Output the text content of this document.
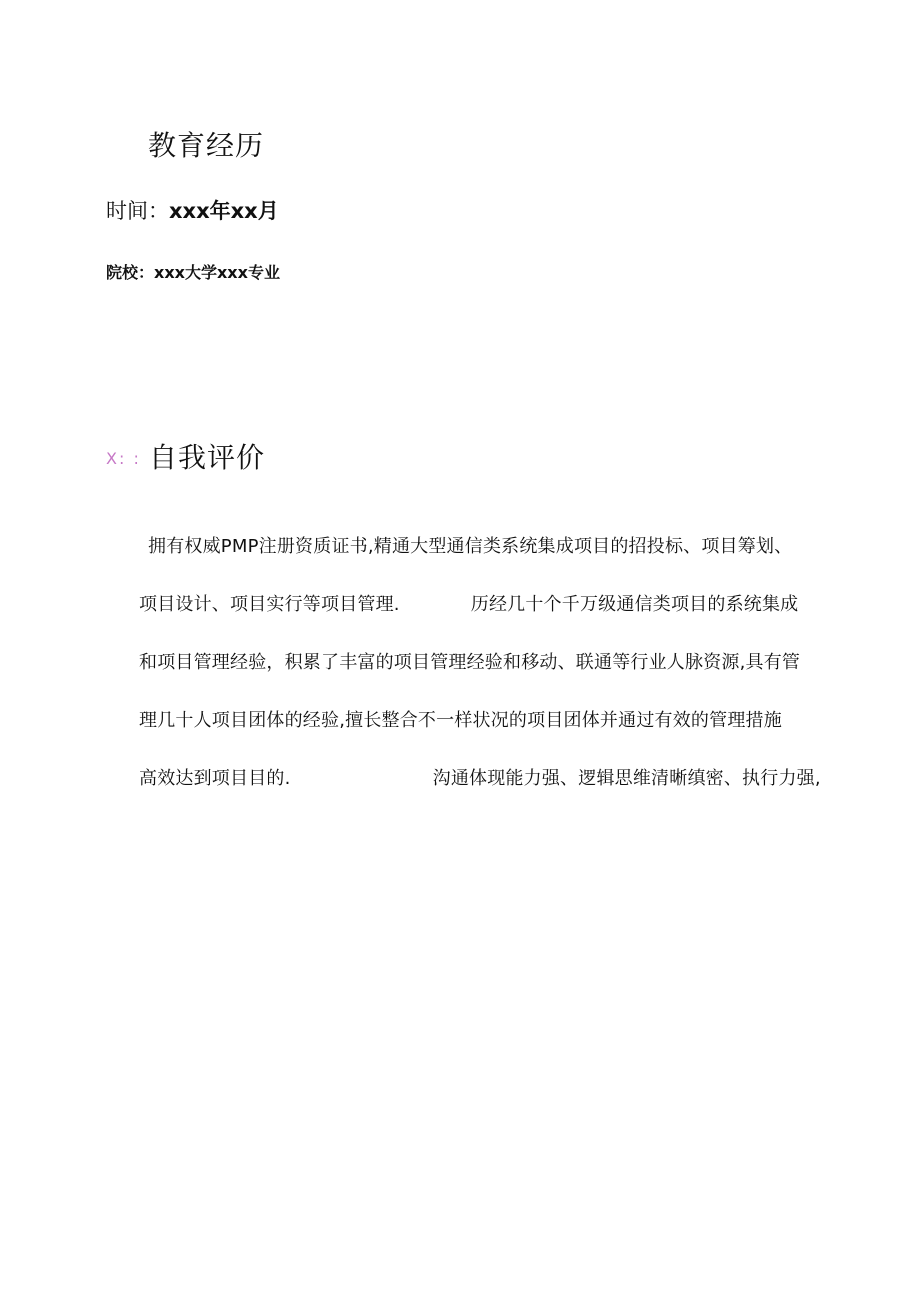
教育经历
时间：xxx年xx月
院校：xxx大学xxx专业
X: : 自我评价
拥有权威PMP注册资质证书,精通大型通信类系统集成项目的招投标、项目筹划、
项目设计、项目实行等项目管理.            历经几十个千万级通信类项目的系统集成
和项目管理经验，积累了丰富的项目管理经验和移动、联通等行业人脉资源,具有管
理几十人项目团体的经验,擅长整合不一样状况的项目团体并通过有效的管理措施
高效达到项目目的.                        沟通体现能力强、逻辑思维清晰缜密、执行力强,
